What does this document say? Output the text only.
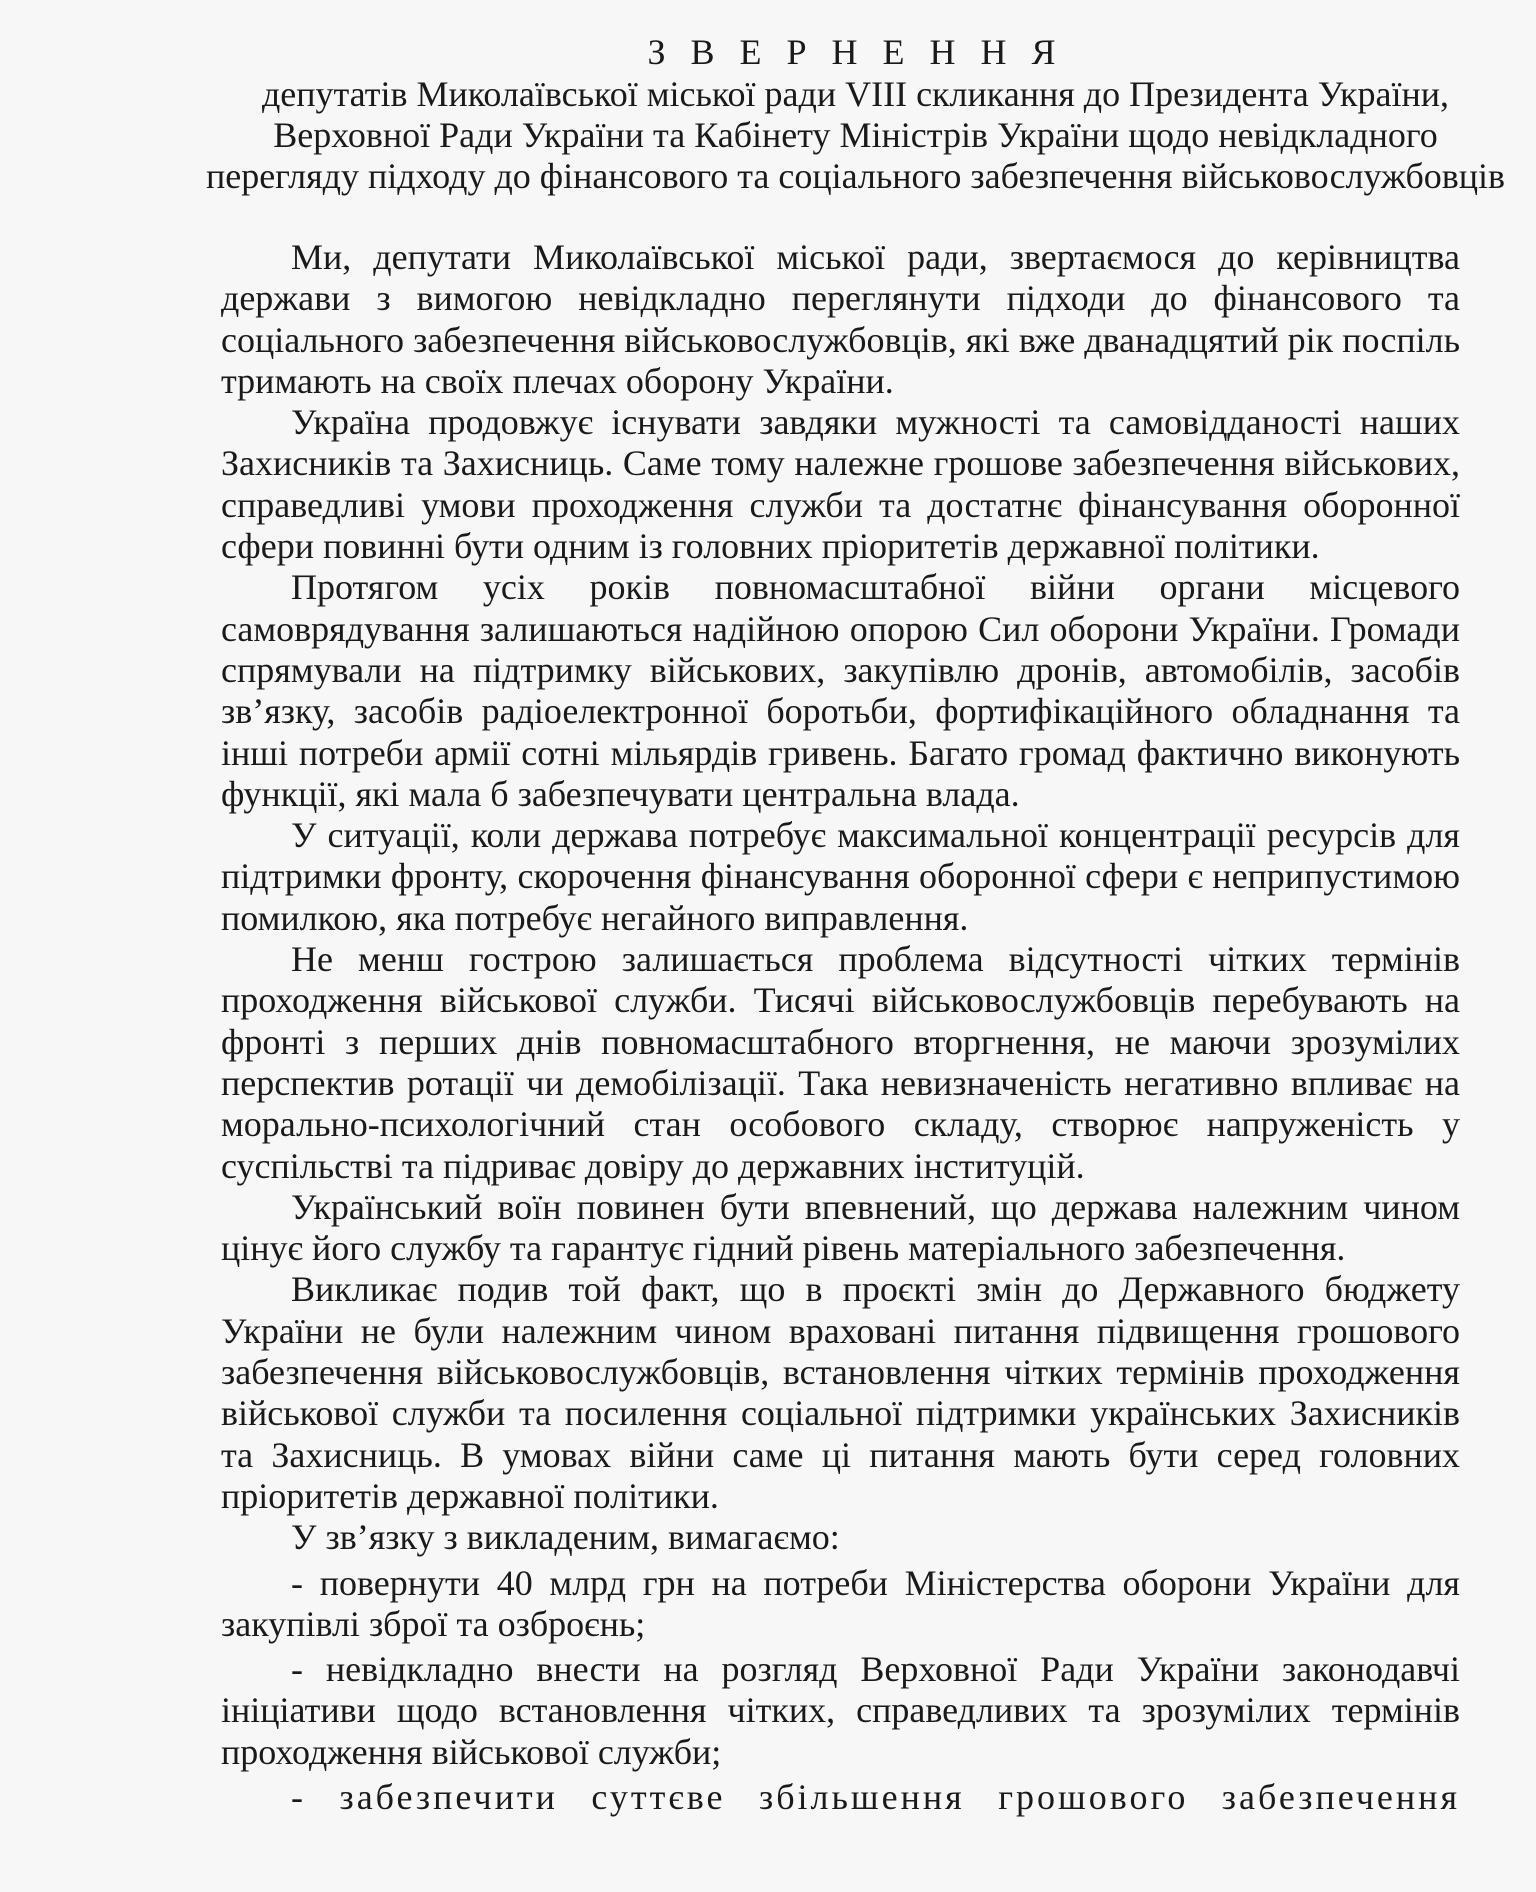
З В Е Р Н Е Н Н Я
депутатів Миколаївської міської ради VIII скликання до Президента України, Верховної Ради України та Кабінету Міністрів України щодо невідкладного перегляду підходу до фінансового та соціального забезпечення військовослужбовців

Ми, депутати Миколаївської міської ради, звертаємося до керівництва держави з вимогою невідкладно переглянути підходи до фінансового та соціального забезпечення військовослужбовців, які вже дванадцятий рік поспіль тримають на своїх плечах оборону України.

Україна продовжує існувати завдяки мужності та самовідданості наших Захисників та Захисниць. Саме тому належне грошове забезпечення військових, справедливі умови проходження служби та достатнє фінансування оборонної сфери повинні бути одним із головних пріоритетів державної політики.

Протягом усіх років повномасштабної війни органи місцевого самоврядування залишаються надійною опорою Сил оборони України. Громади спрямували на підтримку військових, закупівлю дронів, автомобілів, засобів зв’язку, засобів радіоелектронної боротьби, фортифікаційного обладнання та інші потреби армії сотні мільярдів гривень. Багато громад фактично виконують функції, які мала б забезпечувати центральна влада.

У ситуації, коли держава потребує максимальної концентрації ресурсів для підтримки фронту, скорочення фінансування оборонної сфери є неприпустимою помилкою, яка потребує негайного виправлення.

Не менш гострою залишається проблема відсутності чітких термінів проходження військової служби. Тисячі військовослужбовців перебувають на фронті з перших днів повномасштабного вторгнення, не маючи зрозумілих перспектив ротації чи демобілізації. Така невизначеність негативно впливає на морально-психологічний стан особового складу, створює напруженість у суспільстві та підриває довіру до державних інституцій.

Український воїн повинен бути впевнений, що держава належним чином цінує його службу та гарантує гідний рівень матеріального забезпечення.

Викликає подив той факт, що в проєкті змін до Державного бюджету України не були належним чином враховані питання підвищення грошового забезпечення військовослужбовців, встановлення чітких термінів проходження військової служби та посилення соціальної підтримки українських Захисників та Захисниць. В умовах війни саме ці питання мають бути серед головних пріоритетів державної політики.

У зв’язку з викладеним, вимагаємо:

- повернути 40 млрд грн на потреби Міністерства оборони України для закупівлі зброї та озброєнь;

- невідкладно внести на розгляд Верховної Ради України законодавчі ініціативи щодо встановлення чітких, справедливих та зрозумілих термінів проходження військової служби;

- забезпечити суттєве збільшення грошового забезпечення
